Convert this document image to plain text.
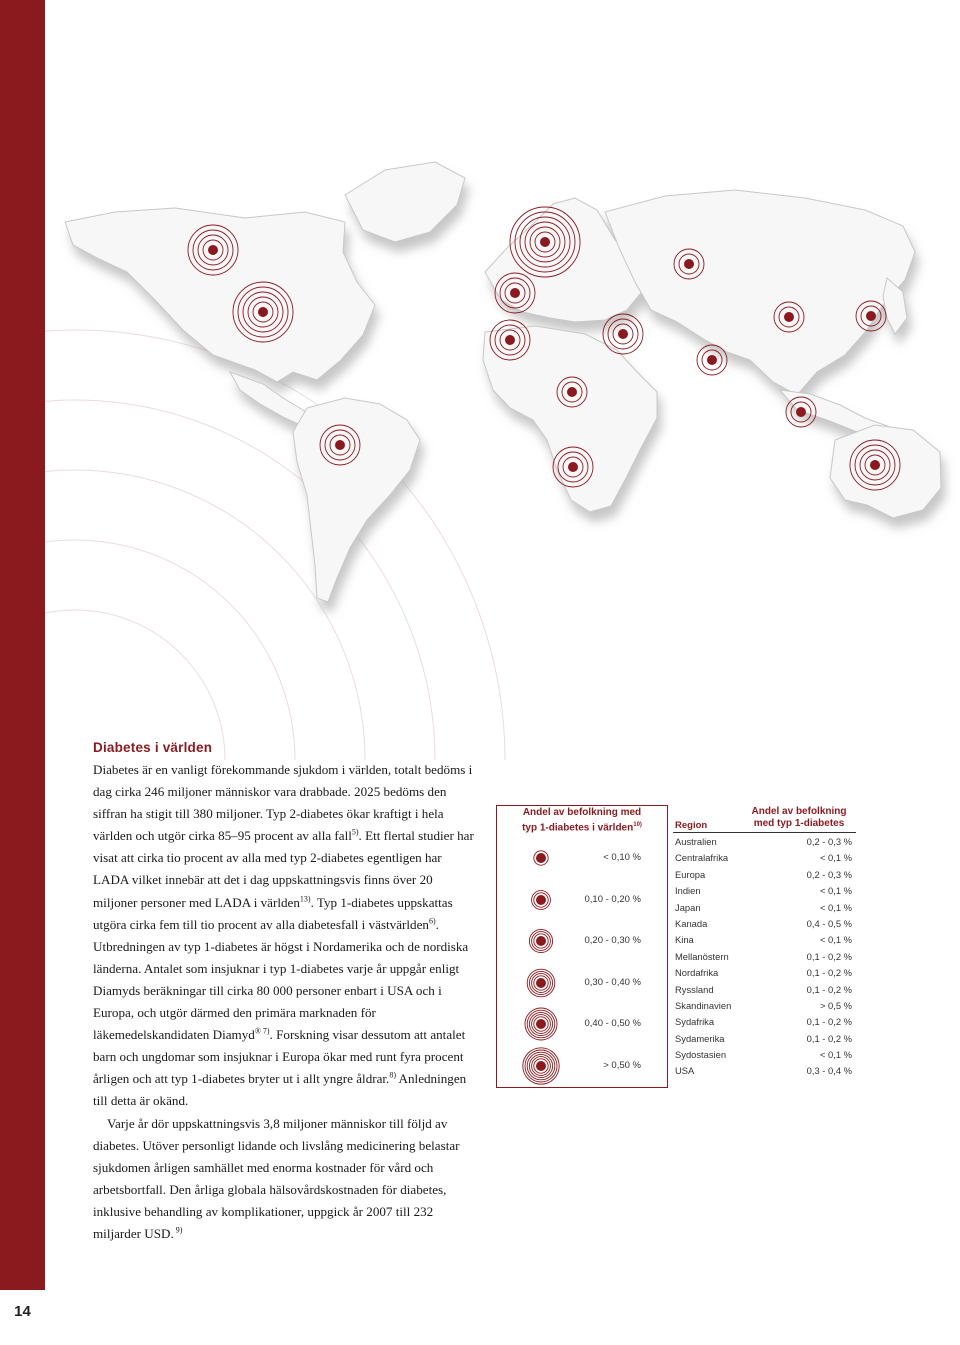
14
Diabetes i världen

Diabetes är en vanligt förekommande sjukdom i världen, totalt bedöms i dag cirka 246 miljoner människor vara drabbade. 2025 bedöms den siffran ha stigit till 380 miljoner. Typ 2-diabetes ökar kraftigt i hela världen och utgör cirka 85–95 procent av alla fall$^{5)}$. Ett flertal studier har visat att cirka tio procent av alla med typ 2-diabetes egentligen har LADA vilket innebär att det i dag uppskattningsvis finns över 20 miljoner personer med LADA i världen$^{13)}$. Typ 1-diabetes uppskattas utgöra cirka fem till tio procent av alla diabetesfall i västvärlden$^{6)}$. Utbredningen av typ 1-diabetes är högst i Nordamerika och de nordiska länderna. Antalet som insjuknar i typ 1-diabetes varje år uppgår enligt Diamyds beräkningar till cirka 80 000 personer enbart i USA och i Europa, och utgör därmed den primära marknaden för läkemedelskandidaten Diamyd$^{® 7)}$. Forskning visar dessutom att antalet barn och ungdomar som insjuknar i Europa ökar med runt fyra procent årligen och att typ 1-diabetes bryter ut i allt yngre åldrar.$^{8)}$ Anledningen till detta är okänd.

Varje år dör uppskattningsvis 3,8 miljoner människor till följd av diabetes. Utöver personligt lidande och livslång medicinering belastar sjukdomen årligen samhället med enorma kostnader för vård och arbetsbortfall. Den årliga globala hälsovårdskostnaden för diabetes, inklusive behandling av komplikationer, uppgick år 2007 till 232 miljarder USD. $^{9)}$

Andel av befolkning med
typ 1-diabetes i världen$^{10)}$
< 0,10 %
0,10 - 0,20 %
0,20 - 0,30 %
0,30 - 0,40 %
0,40 - 0,50 %
> 0,50 %
Region
Andel av befolkning
med typ 1-diabetes
Australien	0,2 - 0,3 %
Centralafrika	< 0,1 %
Europa	0,2 - 0,3 %
Indien	< 0,1 %
Japan	< 0,1 %
Kanada	0,4 - 0,5 %
Kina	< 0,1 %
Mellanöstern	0,1 - 0,2 %
Nordafrika	0,1 - 0,2 %
Ryssland	0,1 - 0,2 %
Skandinavien	> 0,5 %
Sydafrika	0,1 - 0,2 %
Sydamerika	0,1 - 0,2 %
Sydostasien	< 0,1 %
USA	0,3 - 0,4 %
